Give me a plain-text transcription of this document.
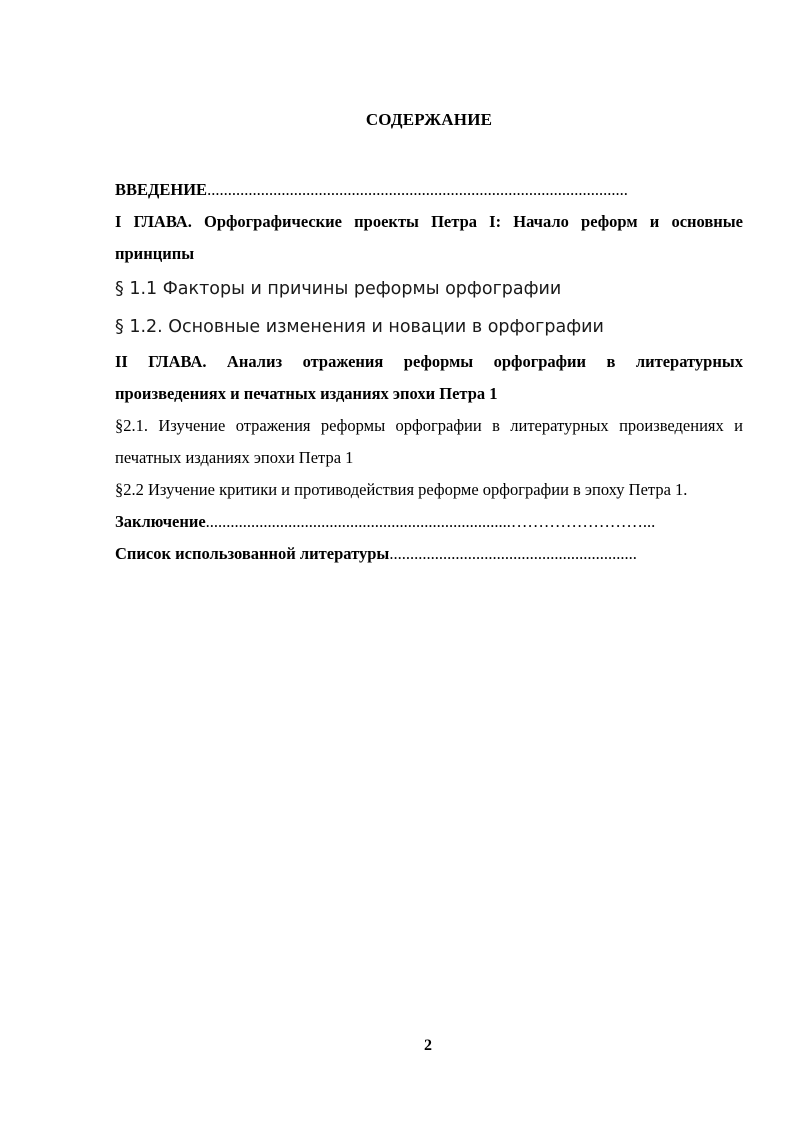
СОДЕРЖАНИЕ

ВВЕДЕНИЕ......................................................................................................

I ГЛАВА. Орфографические проекты Петра I: Начало реформ и основные принципы

§ 1.1 Факторы и причины реформы орфографии

§ 1.2. Основные изменения и новации в орфографии

II ГЛАВА. Анализ отражения реформы орфографии в литературных произведениях и печатных изданиях эпохи Петра 1

§2.1. Изучение отражения реформы орфографии в литературных произведениях и печатных изданиях эпохи Петра 1

§2.2 Изучение критики и противодействия реформе орфографии в эпоху Петра 1.

Заключение..........................................................................……………………...

Список использованной литературы............................................................

2
